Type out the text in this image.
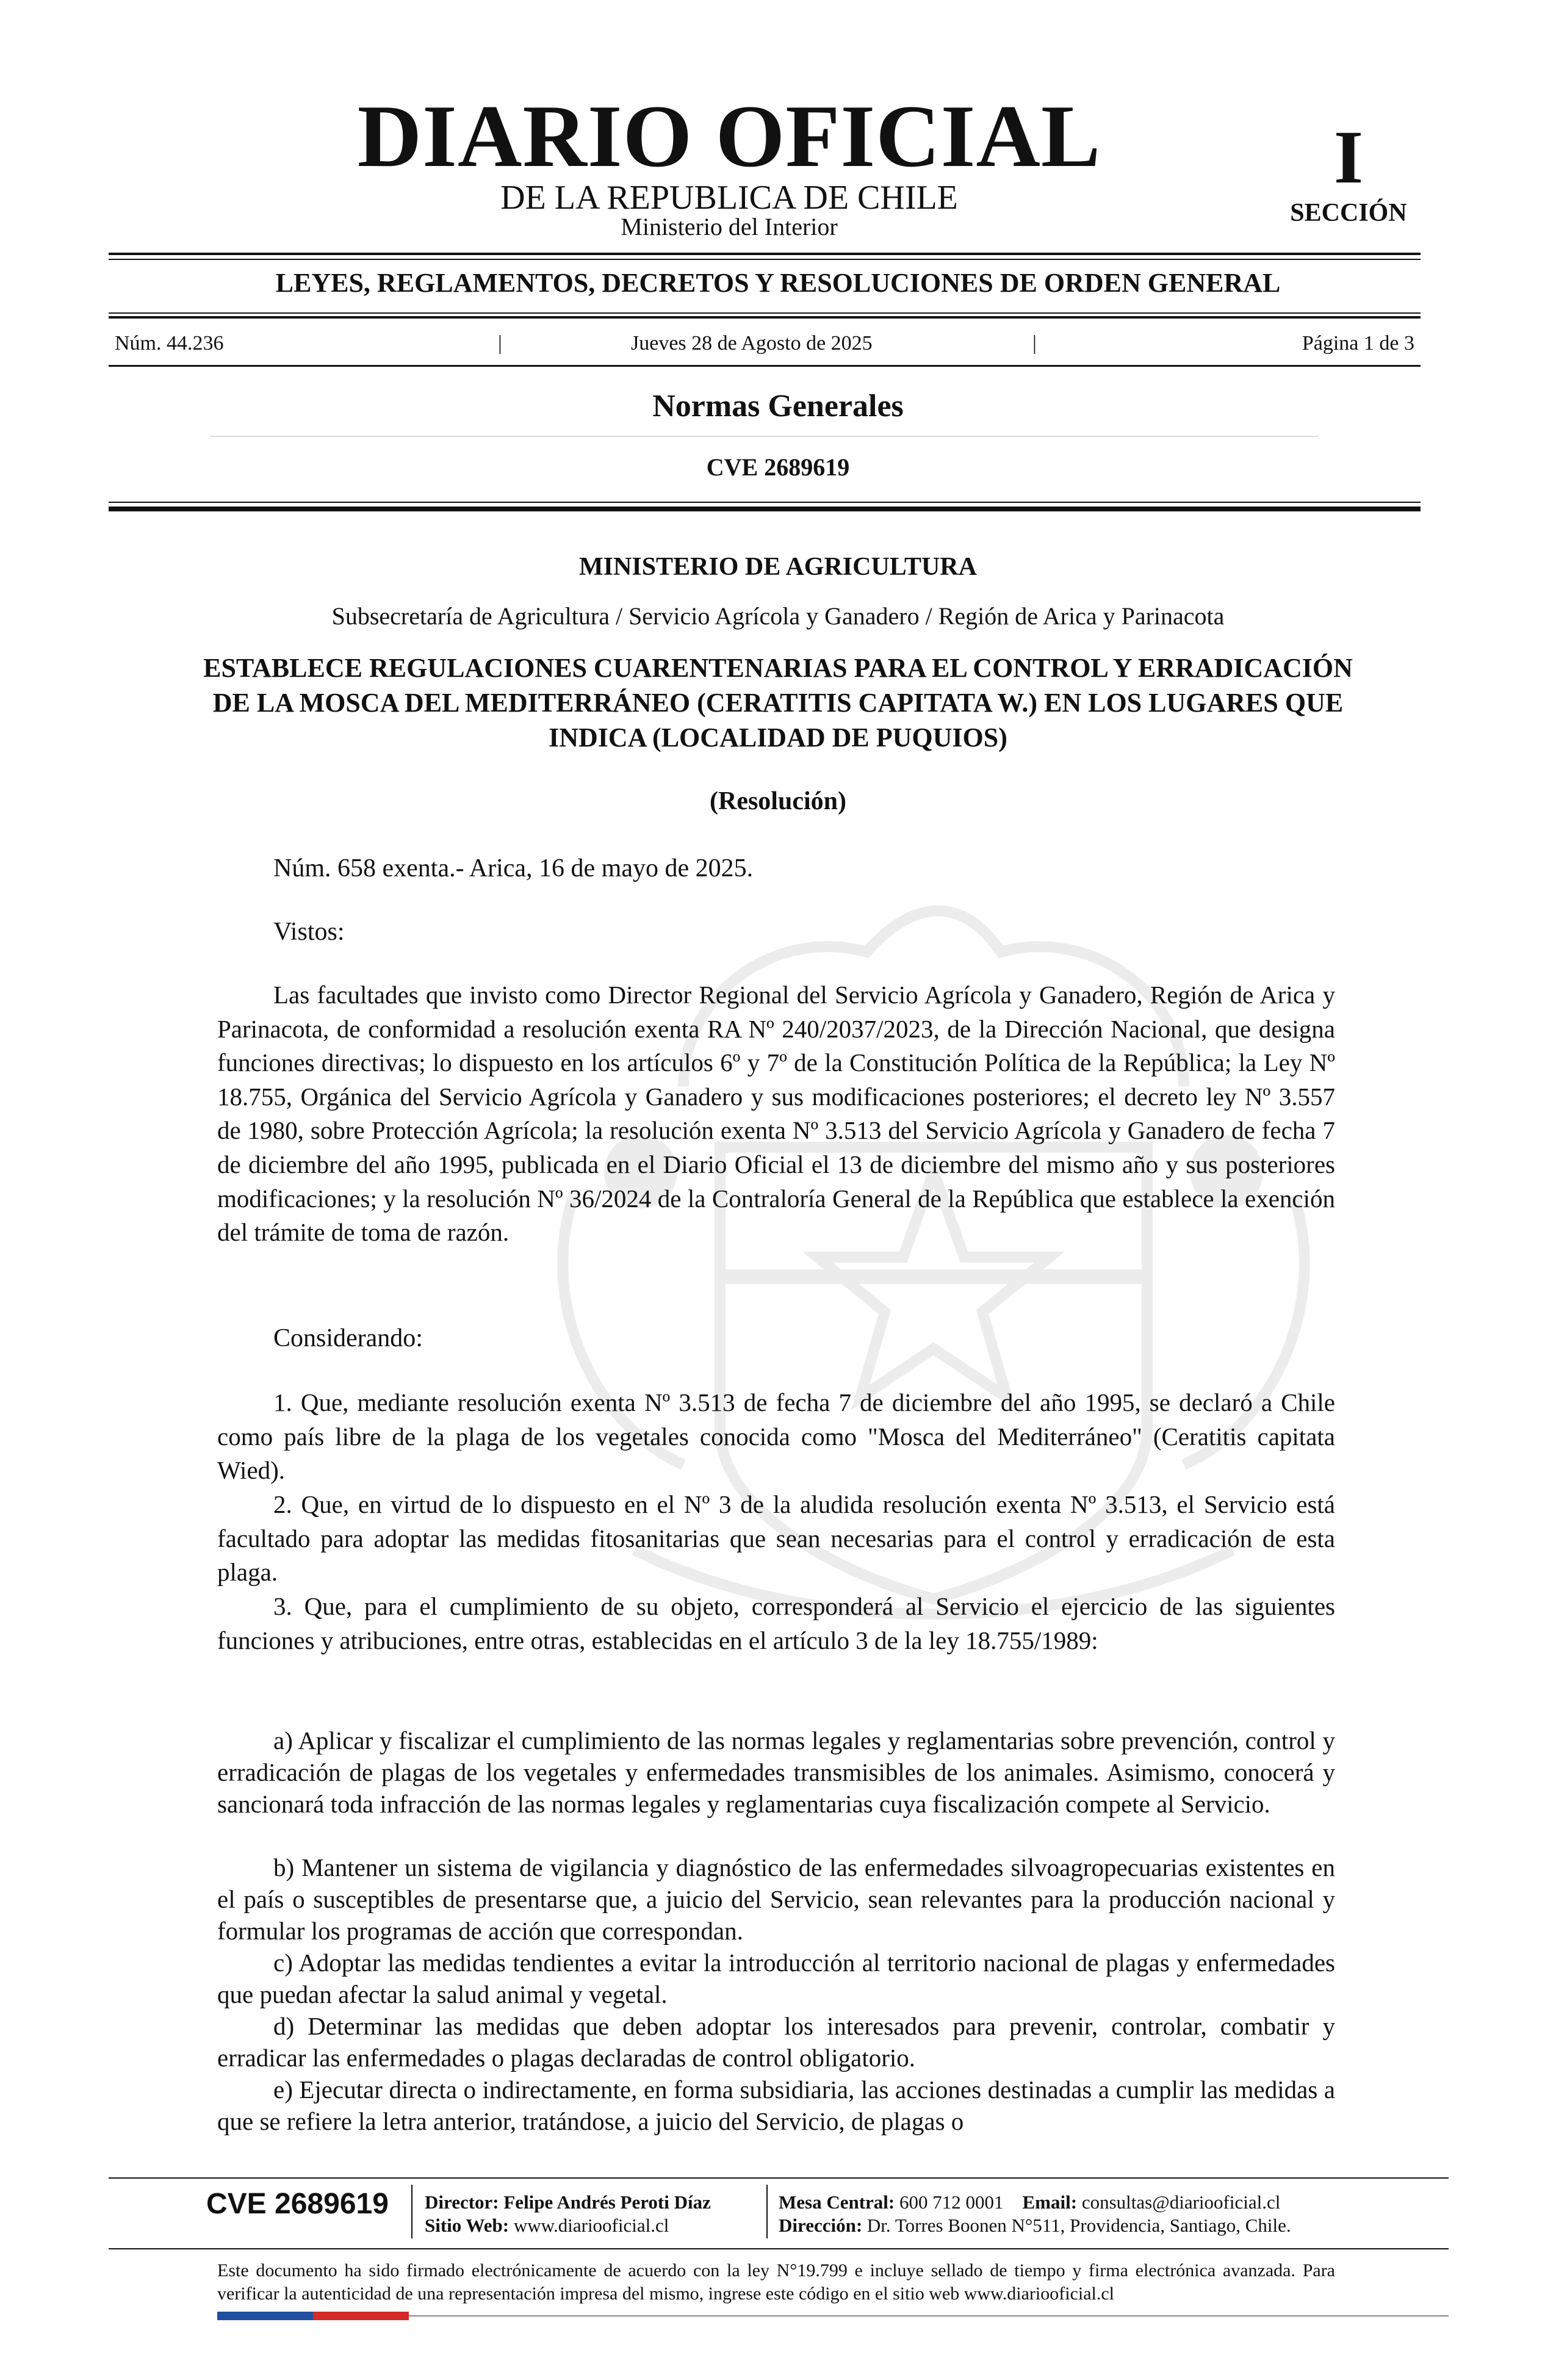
DIARIO OFICIAL
DE LA REPUBLICA DE CHILE
Ministerio del Interior
I
SECCIÓN
LEYES, REGLAMENTOS, DECRETOS Y RESOLUCIONES DE ORDEN GENERAL
Núm. 44.236	|	Jueves 28 de Agosto de 2025	|	Página 1 de 3
Normas Generales
CVE 2689619
MINISTERIO DE AGRICULTURA
Subsecretaría de Agricultura / Servicio Agrícola y Ganadero / Región de Arica y Parinacota
ESTABLECE REGULACIONES CUARENTENARIAS PARA EL CONTROL Y ERRADICACIÓN DE LA MOSCA DEL MEDITERRÁNEO (CERATITIS CAPITATA W.) EN LOS LUGARES QUE INDICA (LOCALIDAD DE PUQUIOS)
(Resolución)
Núm. 658 exenta.- Arica, 16 de mayo de 2025.
Vistos:

Las facultades que invisto como Director Regional del Servicio Agrícola y Ganadero, Región de Arica y Parinacota, de conformidad a resolución exenta RA Nº 240/2037/2023, de la Dirección Nacional, que designa funciones directivas; lo dispuesto en los artículos 6º y 7º de la Constitución Política de la República; la Ley Nº 18.755, Orgánica del Servicio Agrícola y Ganadero y sus modificaciones posteriores; el decreto ley Nº 3.557 de 1980, sobre Protección Agrícola; la resolución exenta Nº 3.513 del Servicio Agrícola y Ganadero de fecha 7 de diciembre del año 1995, publicada en el Diario Oficial el 13 de diciembre del mismo año y sus posteriores modificaciones; y la resolución Nº 36/2024 de la Contraloría General de la República que establece la exención del trámite de toma de razón.

Considerando:

1. Que, mediante resolución exenta Nº 3.513 de fecha 7 de diciembre del año 1995, se declaró a Chile como país libre de la plaga de los vegetales conocida como "Mosca del Mediterráneo" (Ceratitis capitata Wied).

2. Que, en virtud de lo dispuesto en el Nº 3 de la aludida resolución exenta Nº 3.513, el Servicio está facultado para adoptar las medidas fitosanitarias que sean necesarias para el control y erradicación de esta plaga.

3. Que, para el cumplimiento de su objeto, corresponderá al Servicio el ejercicio de las siguientes funciones y atribuciones, entre otras, establecidas en el artículo 3 de la ley 18.755/1989:

a) Aplicar y fiscalizar el cumplimiento de las normas legales y reglamentarias sobre prevención, control y erradicación de plagas de los vegetales y enfermedades transmisibles de los animales. Asimismo, conocerá y sancionará toda infracción de las normas legales y reglamentarias cuya fiscalización compete al Servicio.

b) Mantener un sistema de vigilancia y diagnóstico de las enfermedades silvoagropecuarias existentes en el país o susceptibles de presentarse que, a juicio del Servicio, sean relevantes para la producción nacional y formular los programas de acción que correspondan.

c) Adoptar las medidas tendientes a evitar la introducción al territorio nacional de plagas y enfermedades que puedan afectar la salud animal y vegetal.

d) Determinar las medidas que deben adoptar los interesados para prevenir, controlar, combatir y erradicar las enfermedades o plagas declaradas de control obligatorio.

e) Ejecutar directa o indirectamente, en forma subsidiaria, las acciones destinadas a cumplir las medidas a que se refiere la letra anterior, tratándose, a juicio del Servicio, de plagas o

CVE 2689619 Director: Felipe Andrés Peroti Díaz
Sitio Web: www.diariooficial.cl
Mesa Central: 600 712 0001 Email: consultas@diariooficial.cl
Dirección: Dr. Torres Boonen N°511, Providencia, Santiago, Chile.
Este documento ha sido firmado electrónicamente de acuerdo con la ley N°19.799 e incluye sellado de tiempo y firma electrónica avanzada. Para verificar la autenticidad de una representación impresa del mismo, ingrese este código en el sitio web www.diariooficial.cl
